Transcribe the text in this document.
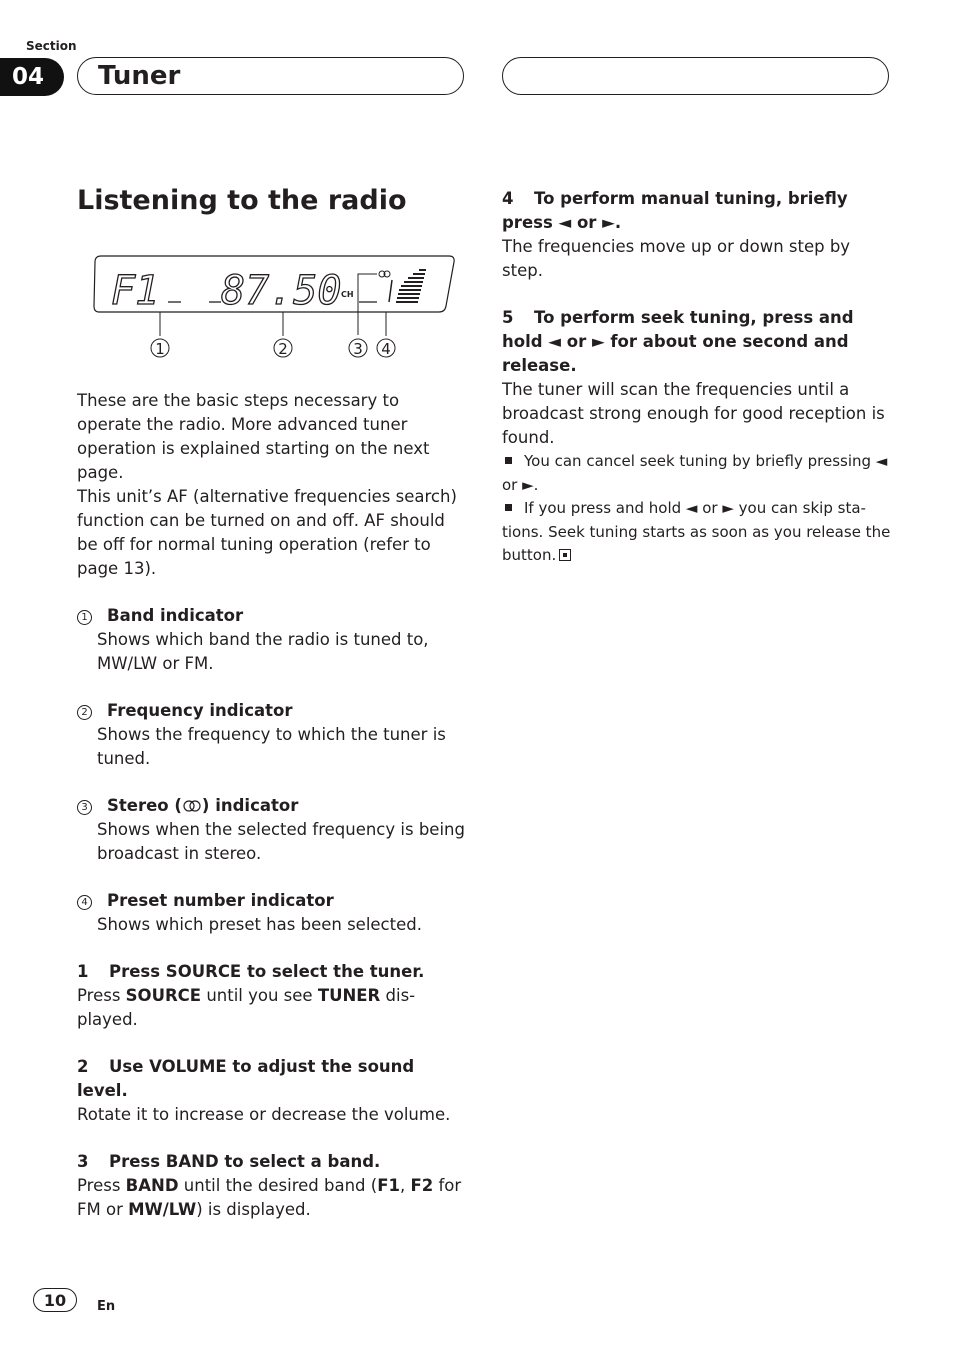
Section
04	Tuner
Listening to the radio
F1 87.50 CH
1	2	3 4

These are the basic steps necessary to operate the radio. More advanced tuner operation is explained starting on the next page.

This unit’s AF (alternative frequencies search) function can be turned on and off. AF should be off for normal tuning operation (refer to page 13).

1 Band indicator

Shows which band the radio is tuned to, MW/LW or FM.

2 Frequency indicator

Shows the frequency to which the tuner is tuned.

3 Stereo ( ) indicator

Shows when the selected frequency is being broadcast in stereo.

4 Preset number indicator

Shows which preset has been selected.

1 Press SOURCE to select the tuner.

Press SOURCE until you see TUNER dis-played.

2 Use VOLUME to adjust the sound level.

Rotate it to increase or decrease the volume.

3 Press BAND to select a band.

Press BAND until the desired band (F1, F2 for FM or MW/LW) is displayed.

4 To perform manual tuning, briefly press ◄ or ►.

The frequencies move up or down step by step.

5 To perform seek tuning, press and hold ◄ or ► for about one second and release.

The tuner will scan the frequencies until a broadcast strong enough for good reception is found.

You can cancel seek tuning by briefly pressing ◄ or ►.

If you press and hold ◄ or ► you can skip sta-tions. Seek tuning starts as soon as you release the button.

10	En
